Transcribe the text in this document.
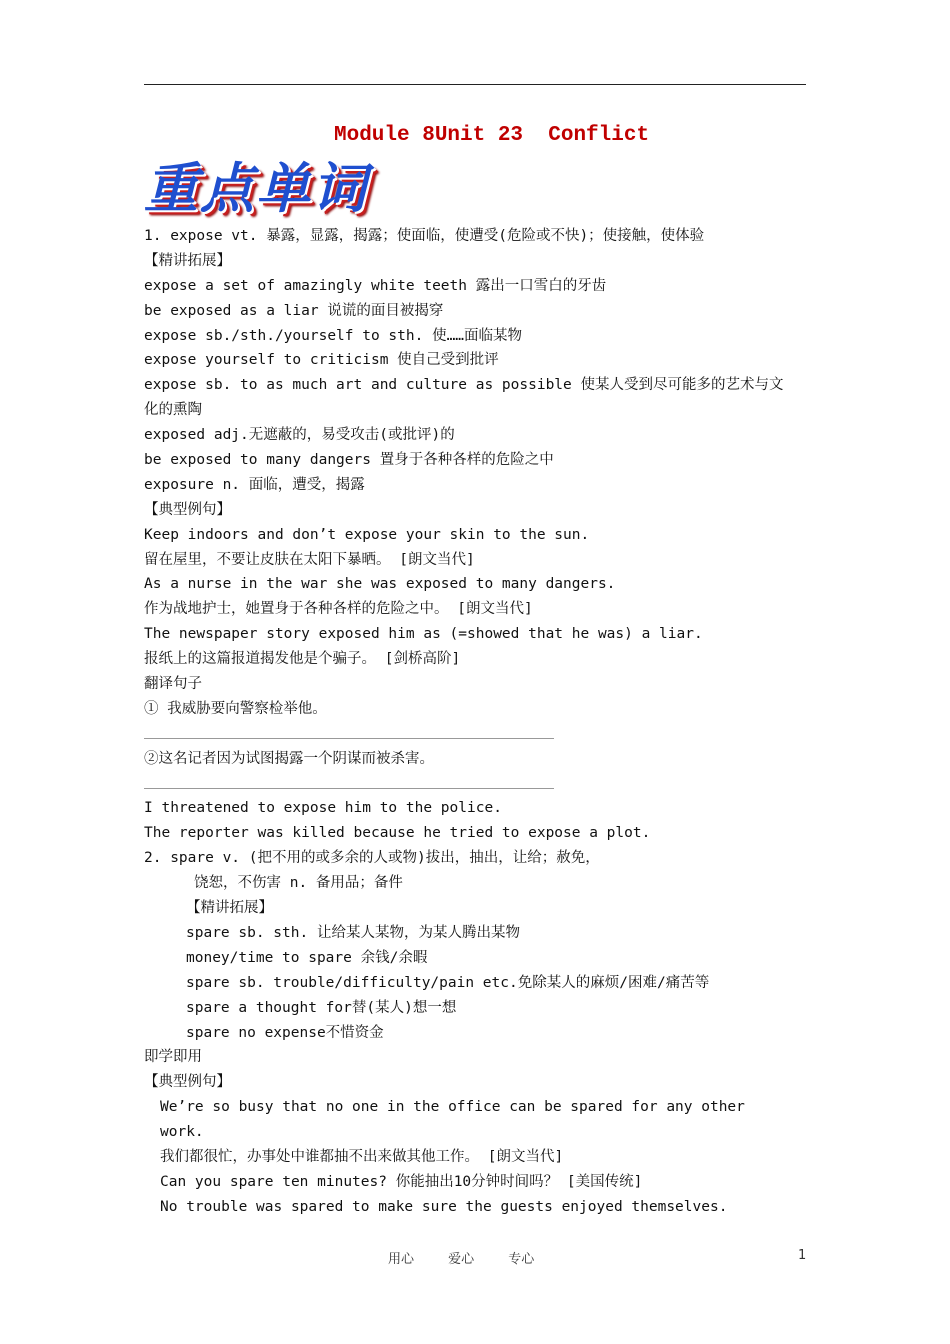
Module 8Unit 23  Conflict
重点单词
1. expose vt. 暴露，显露，揭露；使面临，使遭受(危险或不快)；使接触，使体验
【精讲拓展】
expose a set of amazingly white teeth 露出一口雪白的牙齿
be exposed as a liar 说谎的面目被揭穿
expose sb./sth./yourself to sth. 使……面临某物
expose yourself to criticism 使自己受到批评
expose sb. to as much art and culture as possible 使某人受到尽可能多的艺术与文
化的熏陶
exposed adj.无遮蔽的，易受攻击(或批评)的
be exposed to many dangers 置身于各种各样的危险之中
exposure n. 面临，遭受，揭露
【典型例句】
Keep indoors and don’t expose your skin to the sun.
留在屋里，不要让皮肤在太阳下暴晒。 [朗文当代]
As a nurse in the war she was exposed to many dangers.
作为战地护士，她置身于各种各样的危险之中。 [朗文当代]
The newspaper story exposed him as (=showed that he was) a liar.
报纸上的这篇报道揭发他是个骗子。 [剑桥高阶]
翻译句子
① 我威胁要向警察检举他。
②这名记者因为试图揭露一个阴谋而被杀害。
I threatened to expose him to the police.
The reporter was killed because he tried to expose a plot.
2. spare v. (把不用的或多余的人或物)拔出，抽出，让给；赦免，
饶恕，不伤害 n. 备用品；备件
【精讲拓展】
spare sb. sth. 让给某人某物，为某人腾出某物
money/time to spare 余钱/余暇
spare sb. trouble/difficulty/pain etc.免除某人的麻烦/困难/痛苦等
spare a thought for替(某人)想一想
spare no expense不惜资金
即学即用
【典型例句】
We’re so busy that no one in the office can be spared for any other
work.
我们都很忙，办事处中谁都抽不出来做其他工作。 [朗文当代]
Can you spare ten minutes? 你能抽出10分钟时间吗？ [美国传统]
No trouble was spared to make sure the guests enjoyed themselves.
用心 爱心 专心	1
